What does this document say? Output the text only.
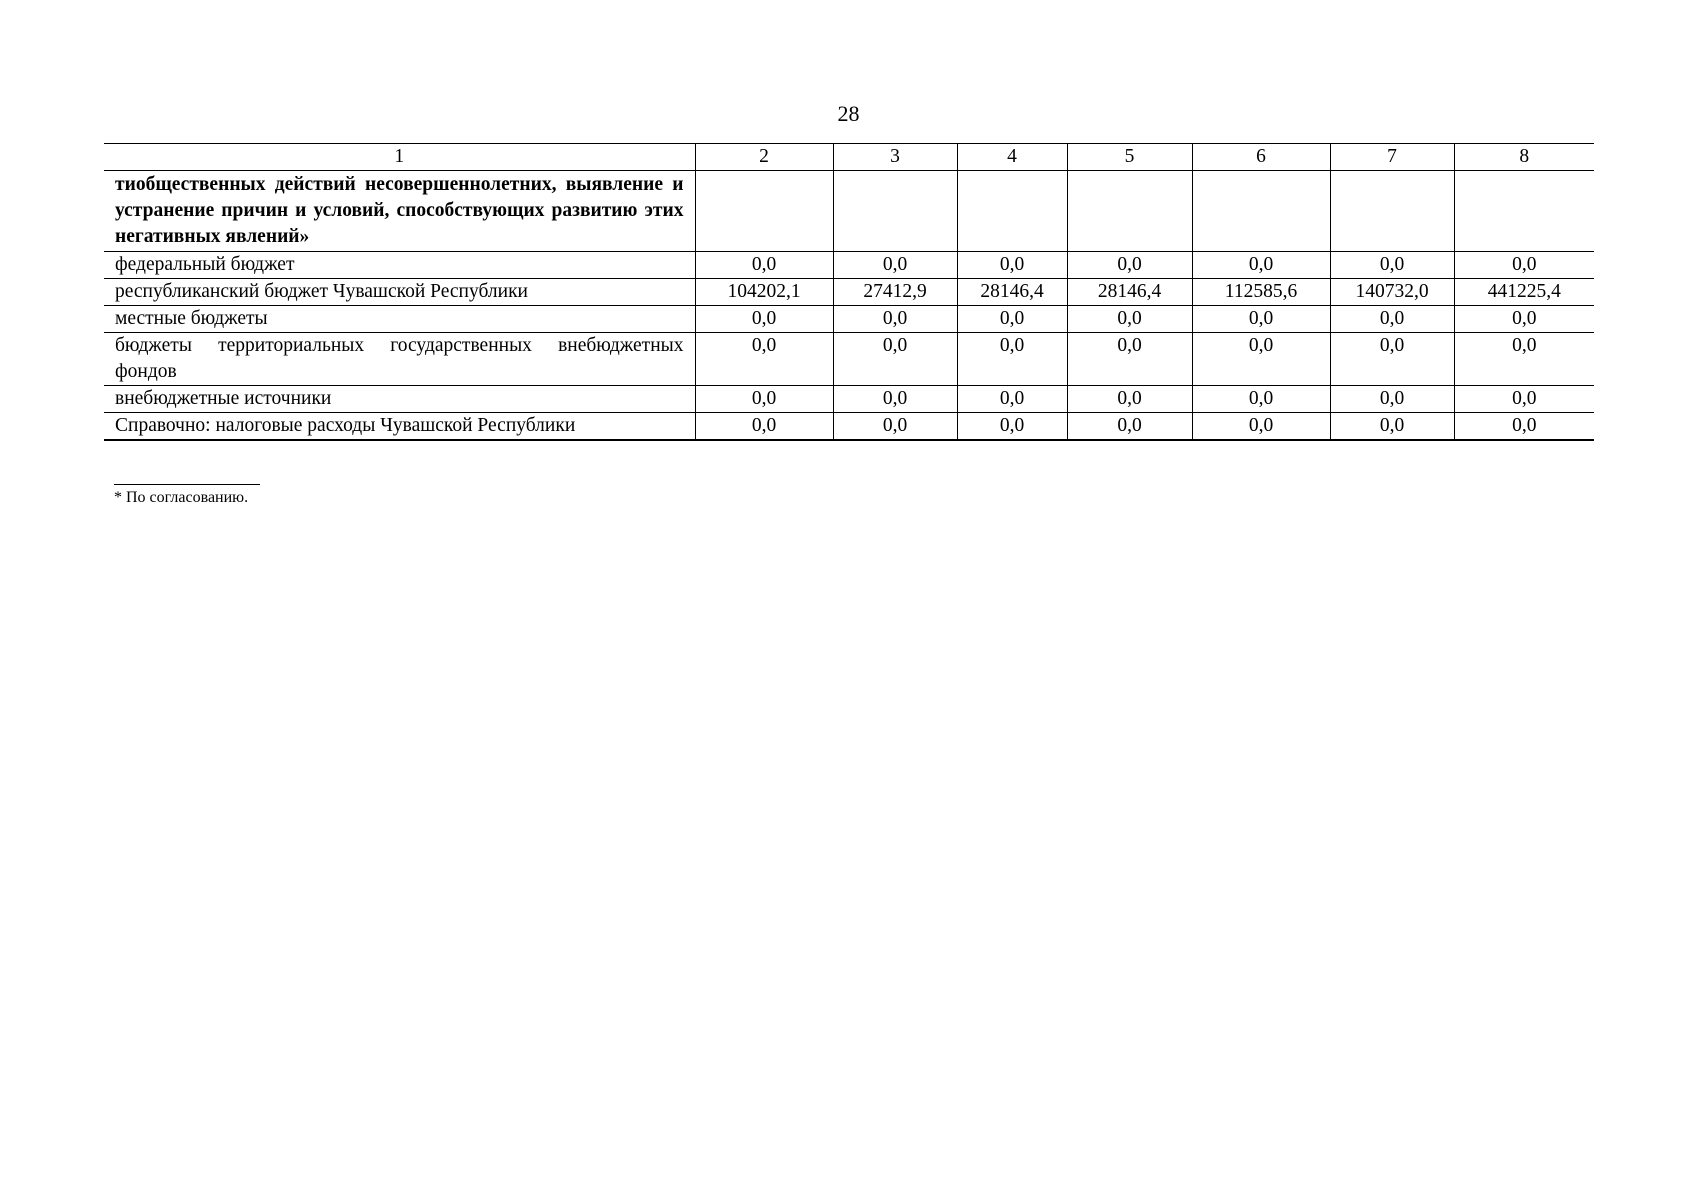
28
1	2	3	4	5	6	7	8
тиобщественных действий несовершеннолетних, выявление и устранение причин и условий, способствующих развитию этих негативных явлений»							
федеральный бюджет	0,0	0,0	0,0	0,0	0,0	0,0	0,0
республиканский бюджет Чувашской Республики	104202,1	27412,9	28146,4	28146,4	112585,6	140732,0	441225,4
местные бюджеты	0,0	0,0	0,0	0,0	0,0	0,0	0,0
бюджеты территориальных государственных внебюджетных фондов	0,0	0,0	0,0	0,0	0,0	0,0	0,0
внебюджетные источники	0,0	0,0	0,0	0,0	0,0	0,0	0,0
Справочно: налоговые расходы Чувашской Республики	0,0	0,0	0,0	0,0	0,0	0,0	0,0
* По согласованию.
